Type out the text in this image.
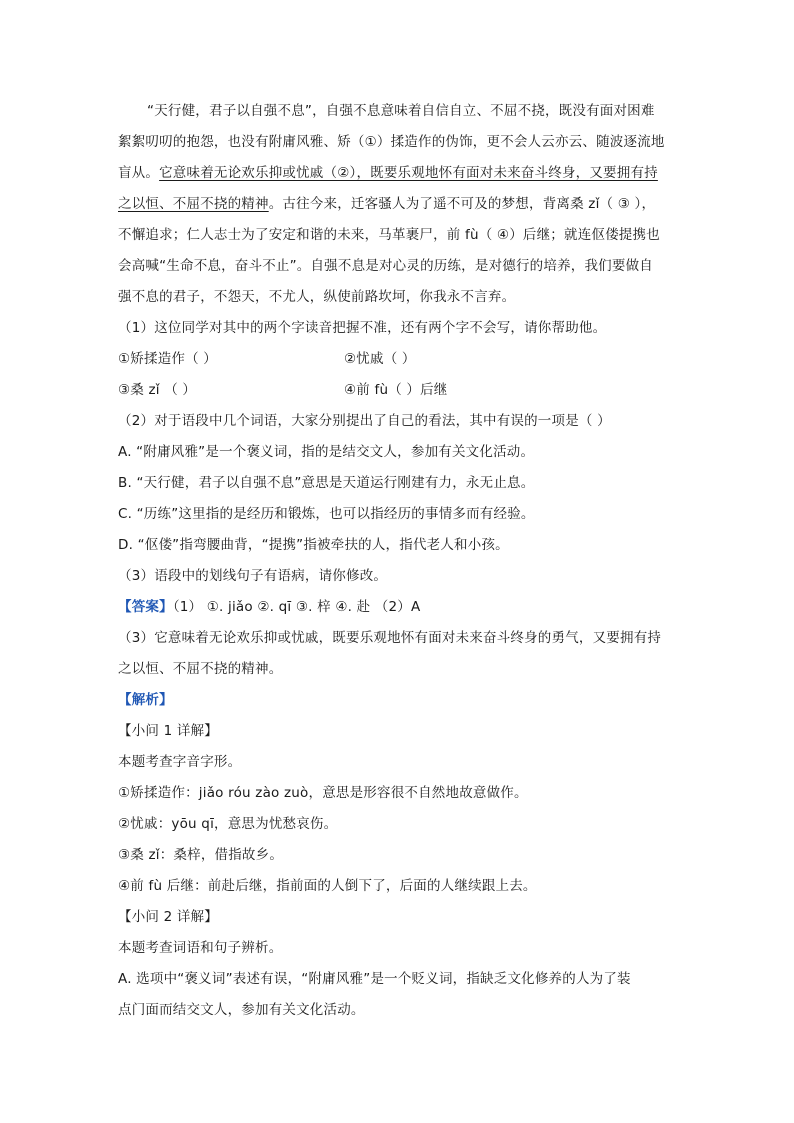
“天行健，君子以自强不息”，自强不息意味着自信自立、不屈不挠，既没有面对困难
絮絮叨叨的抱怨，也没有附庸风雅、矫（①）揉造作的伪饰，更不会人云亦云、随波逐流地
盲从。它意味着无论欢乐抑或忧戚（②），既要乐观地怀有面对未来奋斗终身，又要拥有持
之以恒、不屈不挠的精神。古往今来，迁客骚人为了遥不可及的梦想，背离桑 zǐ（ ③ ），
不懈追求；仁人志士为了安定和谐的未来，马革裹尸，前 fù（ ④）后继；就连伛偻提携也
会高喊“生命不息，奋斗不止”。自强不息是对心灵的历练，是对德行的培养，我们要做自
强不息的君子，不怨天，不尤人，纵使前路坎坷，你我永不言弃。
（1）这位同学对其中的两个字读音把握不准，还有两个字不会写，请你帮助他。
①矫揉造作（ ）	②忧戚（ ）
③桑 zǐ （ ）	④前 fù（ ）后继
（2）对于语段中几个词语，大家分别提出了自己的看法，其中有误的一项是（ ）
A. “附庸风雅”是一个褒义词，指的是结交文人，参加有关文化活动。
B. “天行健，君子以自强不息”意思是天道运行刚建有力，永无止息。
C. “历练”这里指的是经历和锻炼，也可以指经历的事情多而有经验。
D. “伛偻”指弯腰曲背，“提携”指被牵扶的人，指代老人和小孩。
（3）语段中的划线句子有语病，请你修改。
【答案】（1） ①. jiǎo ②. qī ③. 梓 ④. 赴 （2）A
（3）它意味着无论欢乐抑或忧戚，既要乐观地怀有面对未来奋斗终身的勇气，又要拥有持
之以恒、不屈不挠的精神。
【解析】
【小问 1 详解】
本题考查字音字形。
①矫揉造作：jiǎo róu zào zuò，意思是形容很不自然地故意做作。
②忧戚：yōu qī，意思为忧愁哀伤。
③桑 zǐ：桑梓，借指故乡。
④前 fù 后继：前赴后继，指前面的人倒下了，后面的人继续跟上去。
【小问 2 详解】
本题考查词语和句子辨析。
A. 选项中“褒义词”表述有误，“附庸风雅”是一个贬义词，指缺乏文化修养的人为了装
点门面而结交文人，参加有关文化活动。
